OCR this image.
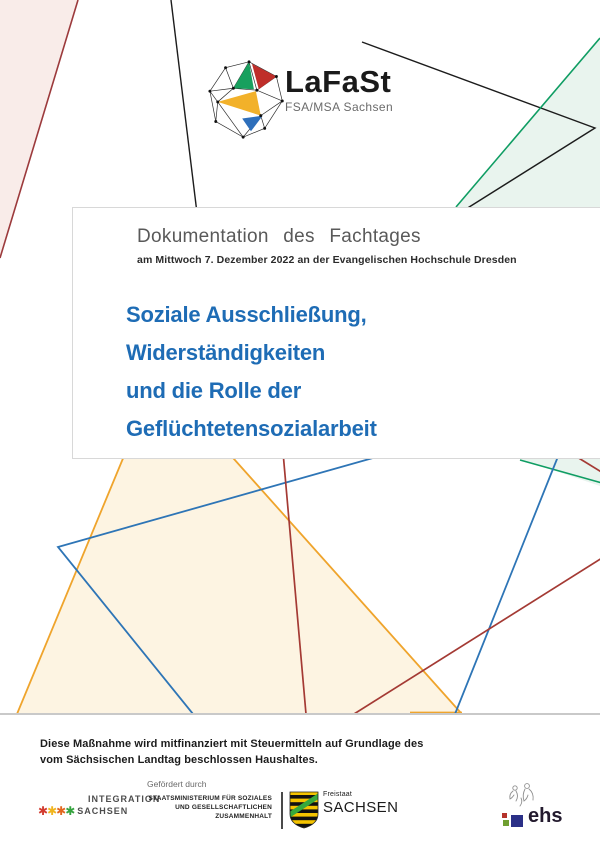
LaFaSt
FSA/MSA Sachsen
Dokumentation des Fachtages
am Mittwoch 7. Dezember 2022 an der Evangelischen Hochschule Dresden
Soziale Ausschließung,
Widerständigkeiten
und die Rolle der
Geflüchtetensozialarbeit
Diese Maßnahme wird mitfinanziert mit Steuermitteln auf Grundlage des
vom Sächsischen Landtag beschlossen Haushaltes.
Gefördert durch
INTEGRATION
✱ ✱ ✱ ✱ SACHSEN
STAATSMINISTERIUM FÜR SOZIALES
UND GESELLSCHAFTLICHEN
ZUSAMMENHALT
Freistaat
SACHSEN	ehs
